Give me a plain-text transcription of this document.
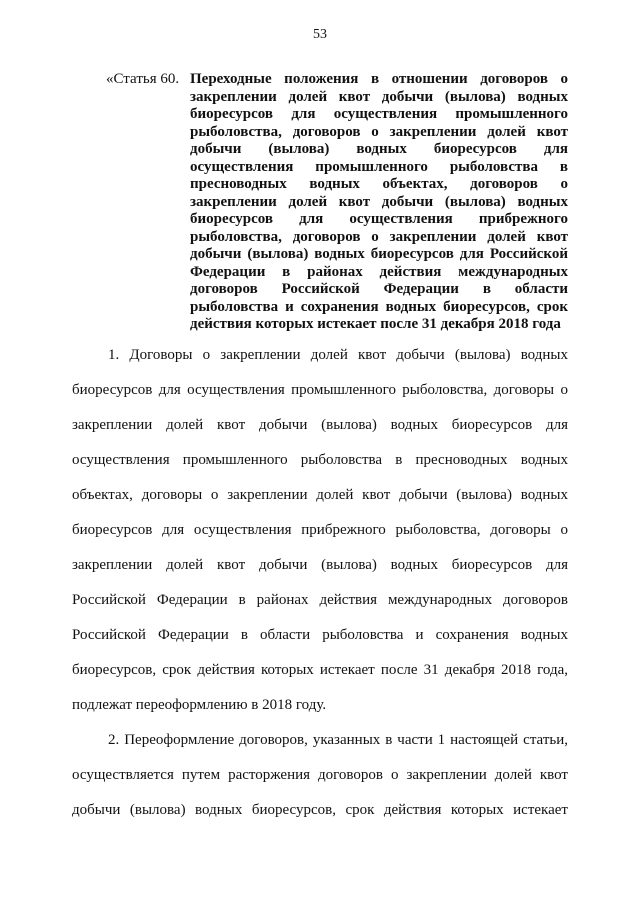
53
«Статья 60. Переходные положения в отношении договоров о
закреплении долей квот добычи (вылова) водных
биоресурсов для осуществления промышленного
рыболовства, договоров о закреплении долей квот
добычи (вылова) водных биоресурсов для
осуществления промышленного рыболовства в
пресноводных водных объектах, договоров о
закреплении долей квот добычи (вылова) водных
биоресурсов для осуществления прибрежного
рыболовства, договоров о закреплении долей квот
добычи (вылова) водных биоресурсов для Российской
Федерации в районах действия международных
договоров Российской Федерации в области
рыболовства и сохранения водных биоресурсов, срок
действия которых истекает после 31 декабря 2018 года
1. Договоры о закреплении долей квот добычи (вылова) водных
биоресурсов для осуществления промышленного рыболовства, договоры о
закреплении долей квот добычи (вылова) водных биоресурсов для
осуществления промышленного рыболовства в пресноводных водных
объектах, договоры о закреплении долей квот добычи (вылова) водных
биоресурсов для осуществления прибрежного рыболовства, договоры о
закреплении долей квот добычи (вылова) водных биоресурсов для
Российской Федерации в районах действия международных договоров
Российской Федерации в области рыболовства и сохранения водных
биоресурсов, срок действия которых истекает после 31 декабря 2018 года,
подлежат переоформлению в 2018 году.
2. Переоформление договоров, указанных в части 1 настоящей статьи,
осуществляется путем расторжения договоров о закреплении долей квот
добычи (вылова) водных биоресурсов, срок действия которых истекает
